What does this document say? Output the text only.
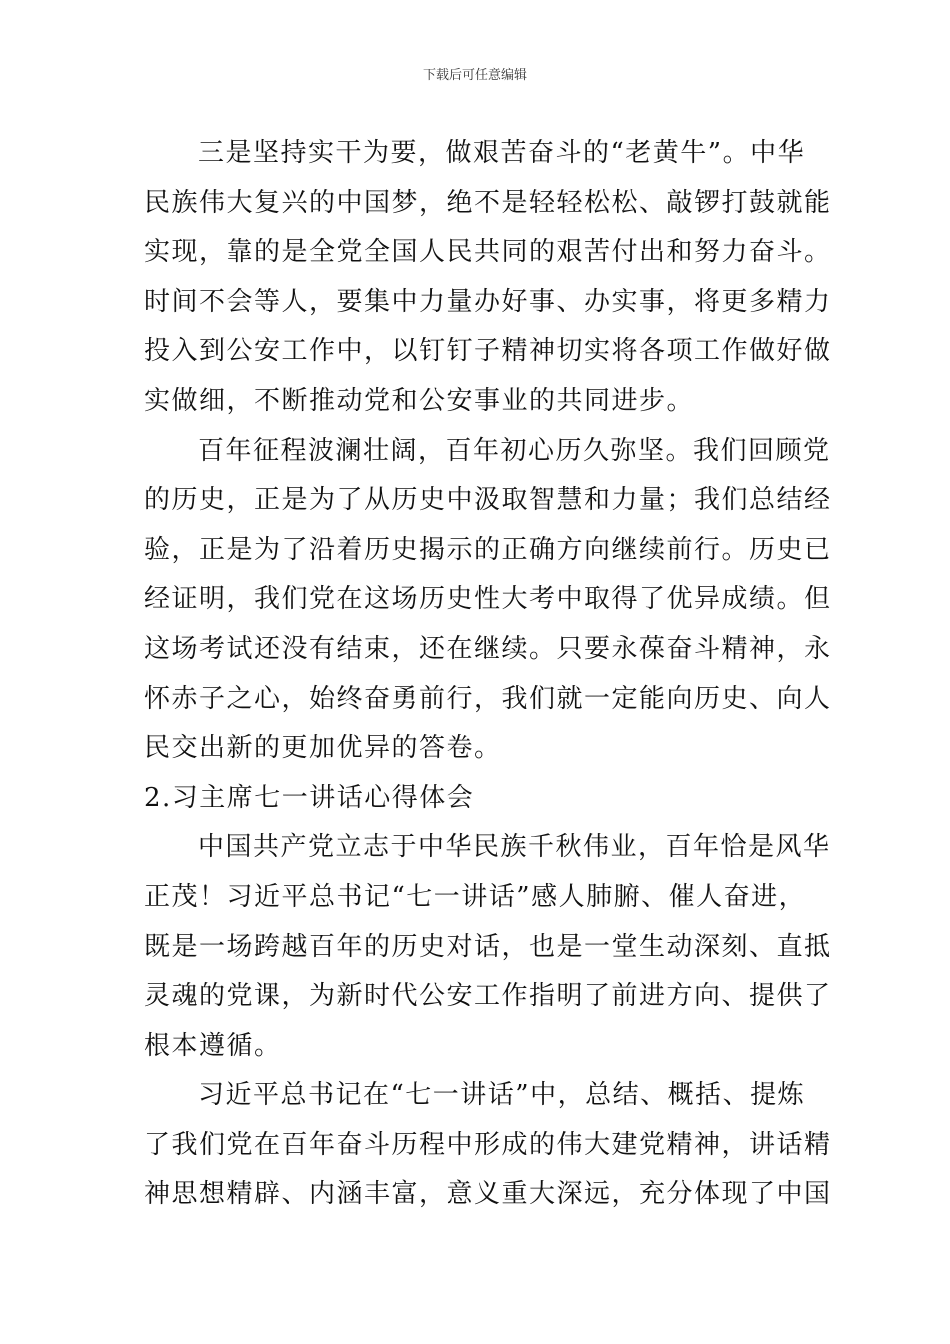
下载后可任意编辑
三是坚持实干为要，做艰苦奋斗的“老黄牛”。中华
民族伟大复兴的中国梦，绝不是轻轻松松、敲锣打鼓就能
实现，靠的是全党全国人民共同的艰苦付出和努力奋斗。
时间不会等人，要集中力量办好事、办实事，将更多精力
投入到公安工作中，以钉钉子精神切实将各项工作做好做
实做细，不断推动党和公安事业的共同进步。
百年征程波澜壮阔，百年初心历久弥坚。我们回顾党
的历史，正是为了从历史中汲取智慧和力量；我们总结经
验，正是为了沿着历史揭示的正确方向继续前行。历史已
经证明，我们党在这场历史性大考中取得了优异成绩。但
这场考试还没有结束，还在继续。只要永葆奋斗精神，永
怀赤子之心，始终奋勇前行，我们就一定能向历史、向人
民交出新的更加优异的答卷。
2.习主席七一讲话心得体会
中国共产党立志于中华民族千秋伟业，百年恰是风华
正茂！习近平总书记“七一讲话”感人肺腑、催人奋进，
既是一场跨越百年的历史对话，也是一堂生动深刻、直抵
灵魂的党课，为新时代公安工作指明了前进方向、提供了
根本遵循。
习近平总书记在“七一讲话”中，总结、概括、提炼
了我们党在百年奋斗历程中形成的伟大建党精神，讲话精
神思想精辟、内涵丰富，意义重大深远，充分体现了中国
